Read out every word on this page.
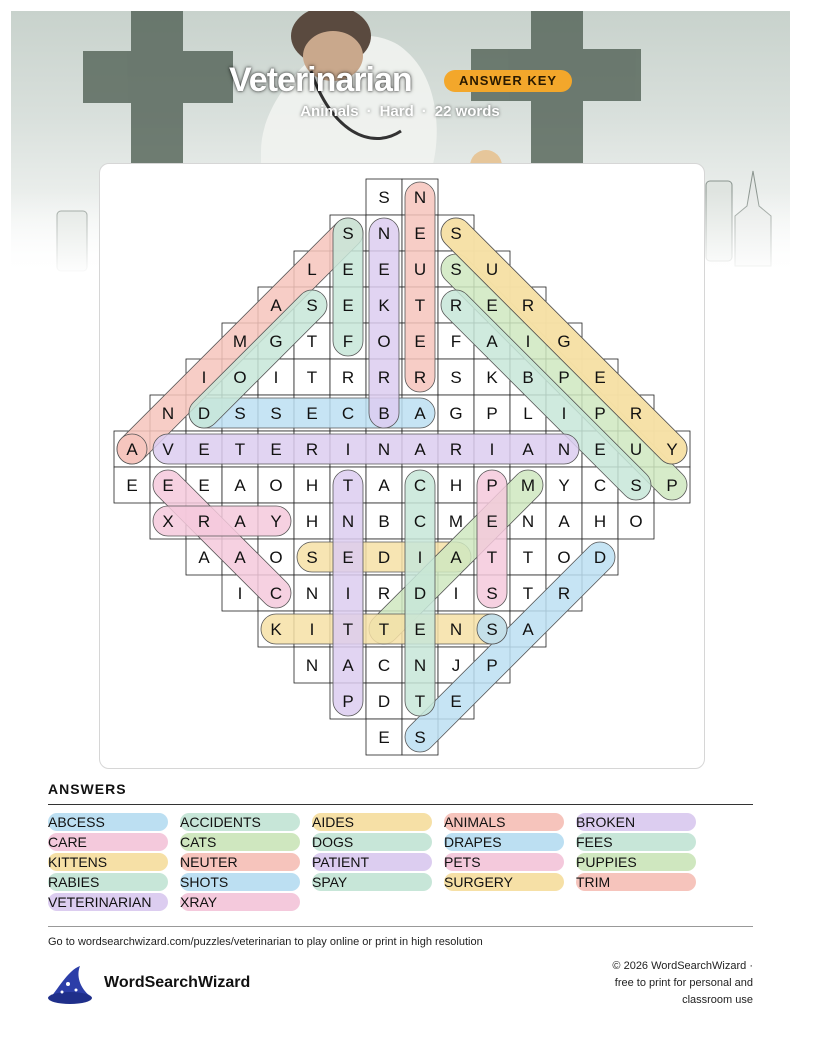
Veterinarian	ANSWER KEY
Animals · Hard · 22 words
S N
S N E S
L E E U S U
A S E K T R E R
M G T F O E F A I G
I O I T R R R S K B P E
N D S S E C B A G P L I P R
A V E T E R I N A R I A N E U Y
E E E A O H T A C H P M Y C S P
X R A Y H N B C M E N A H O
A A O S E D I A T T O D
I C N I R D I S T R
K I T T E N S A
N A C N J P
P D T E
E S
ANSWERS
ABCESS	ACCIDENTS	AIDES	ANIMALS	BROKEN
CARE	CATS	DOGS	DRAPES	FEES
KITTENS	NEUTER	PATIENT	PETS	PUPPIES
RABIES	SHOTS	SPAY	SURGERY	TRIM
VETERINARIAN XRAY
Go to wordsearchwizard.com/puzzles/veterinarian to play online or print in high resolution
WordSearchWizard
© 2026 WordSearchWizard ·
free to print for personal and
classroom use
